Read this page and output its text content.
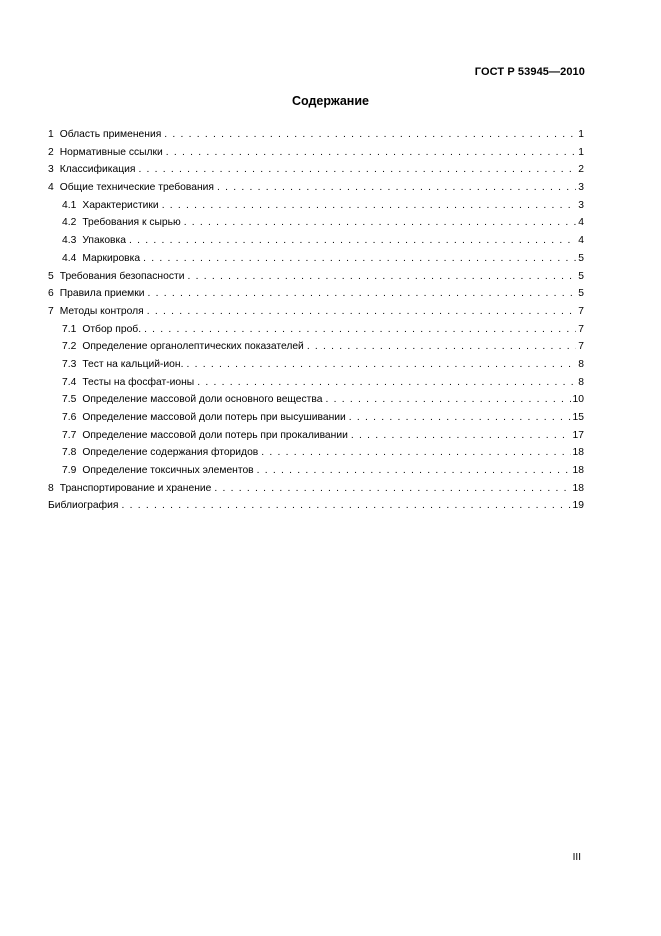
ГОСТ Р 53945—2010
Содержание
1 Область применения . . .	1
2 Нормативные ссылки . . .	1
3 Классификация . . .	2
4 Общие технические требования . . .	3
4.1 Характеристики . . .	3
4.2 Требования к сырью . . .	4
4.3 Упаковка . . .	4
4.4 Маркировка . . .	5
5 Требования безопасности . . .	5
6 Правила приемки . . .	5
7 Методы контроля . . .	7
7.1 Отбор проб. . . .	7
7.2 Определение органолептических показателей . . .	7
7.3 Тест на кальций-ион. . . .	8
7.4 Тесты на фосфат-ионы . . .	8
7.5 Определение массовой доли основного вещества . . .	10
7.6 Определение массовой доли потерь при высушивании . . .	15
7.7 Определение массовой доли потерь при прокаливании . . .	17
7.8 Определение содержания фторидов . . .	18
7.9 Определение токсичных элементов . . .	18
8 Транспортирование и хранение . . .	18
Библиография . . .	19
III
